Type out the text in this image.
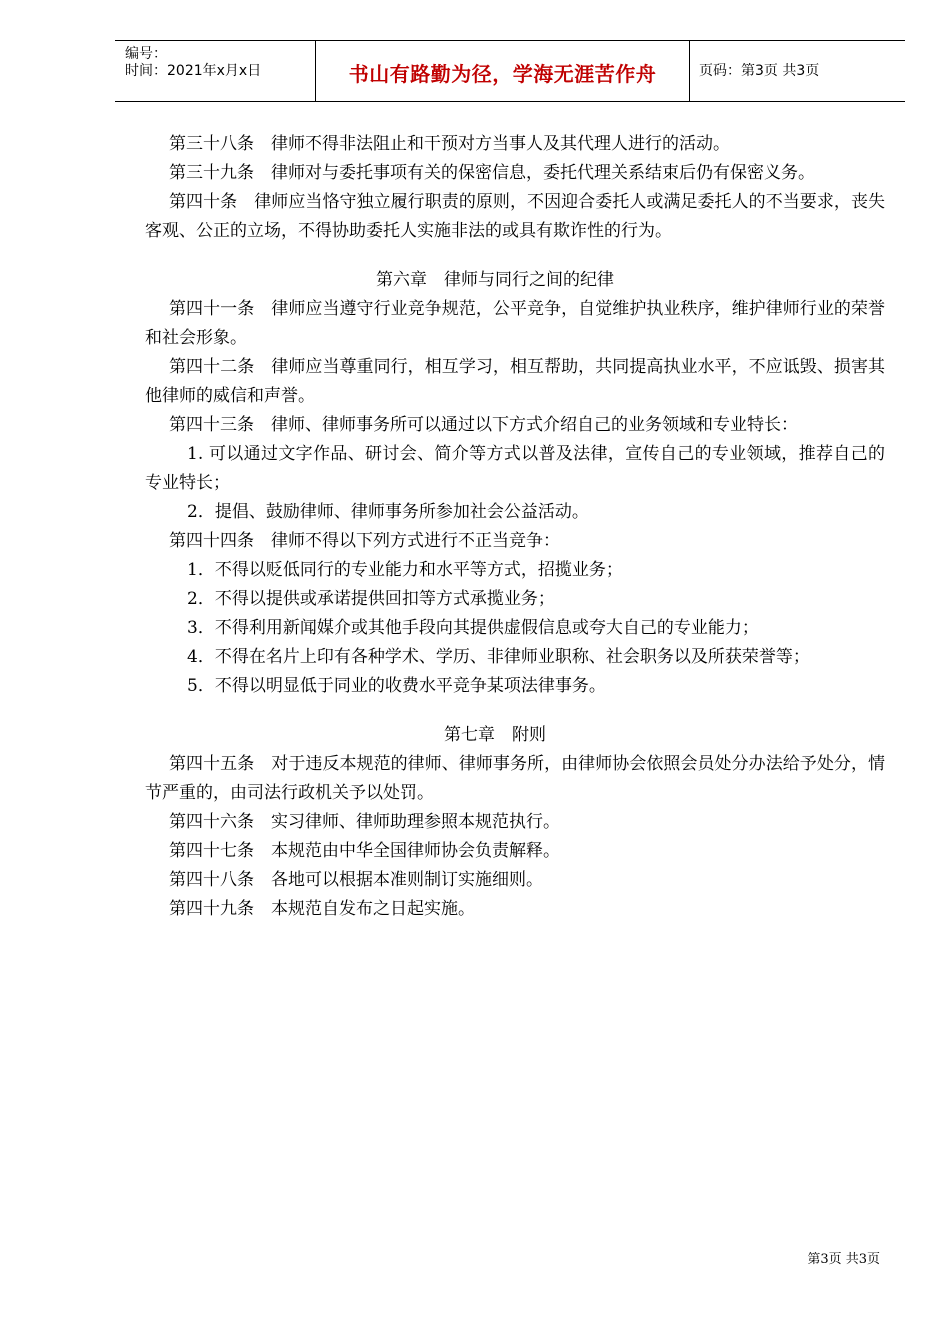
编号：
时间：2021年x月x日	书山有路勤为径，学海无涯苦作舟	页码：第3页 共3页

第三十八条　律师不得非法阻止和干预对方当事人及其代理人进行的活动。

第三十九条　律师对与委托事项有关的保密信息，委托代理关系结束后仍有保密义务。

第四十条　律师应当恪守独立履行职责的原则，不因迎合委托人或满足委托人的不当要求，丧失客观、公正的立场，不得协助委托人实施非法的或具有欺诈性的行为。

第六章　律师与同行之间的纪律

第四十一条　律师应当遵守行业竞争规范，公平竞争，自觉维护执业秩序，维护律师行业的荣誉和社会形象。

第四十二条　律师应当尊重同行，相互学习，相互帮助，共同提高执业水平，不应诋毁、损害其他律师的威信和声誉。

第四十三条　律师、律师事务所可以通过以下方式介绍自己的业务领域和专业特长：

1. 可以通过文字作品、研讨会、简介等方式以普及法律，宣传自己的专业领域，推荐自己的专业特长；

2．提倡、鼓励律师、律师事务所参加社会公益活动。

第四十四条　律师不得以下列方式进行不正当竞争：

1．不得以贬低同行的专业能力和水平等方式，招揽业务；

2．不得以提供或承诺提供回扣等方式承揽业务；

3．不得利用新闻媒介或其他手段向其提供虚假信息或夸大自己的专业能力；

4．不得在名片上印有各种学术、学历、非律师业职称、社会职务以及所获荣誉等；

5．不得以明显低于同业的收费水平竞争某项法律事务。

第七章　附则

第四十五条　对于违反本规范的律师、律师事务所，由律师协会依照会员处分办法给予处分，情节严重的，由司法行政机关予以处罚。

第四十六条　实习律师、律师助理参照本规范执行。

第四十七条　本规范由中华全国律师协会负责解释。

第四十八条　各地可以根据本准则制订实施细则。

第四十九条　本规范自发布之日起实施。

第3页 共3页
